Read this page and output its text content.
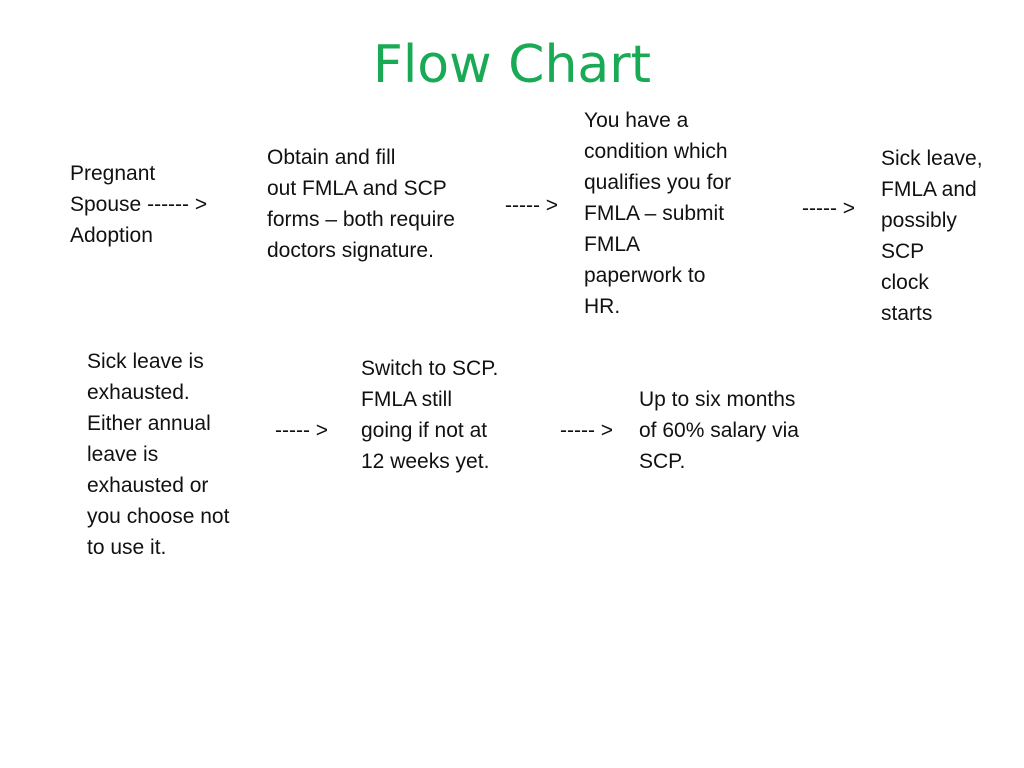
Flow Chart
Pregnant
Spouse ------ >
Adoption
Obtain and fill
out FMLA and SCP
forms – both require
doctors signature.
----- >
You have a
condition which
qualifies you for
FMLA – submit
FMLA
paperwork to
HR.
----- >
Sick leave,
FMLA and
possibly
SCP
clock
starts
Sick leave is
exhausted.
Either annual
leave is
exhausted or
you choose not
to use it.
----- >
Switch to SCP.
FMLA still
going if not at
12 weeks yet.
----- >
Up to six months
of 60% salary via
SCP.
